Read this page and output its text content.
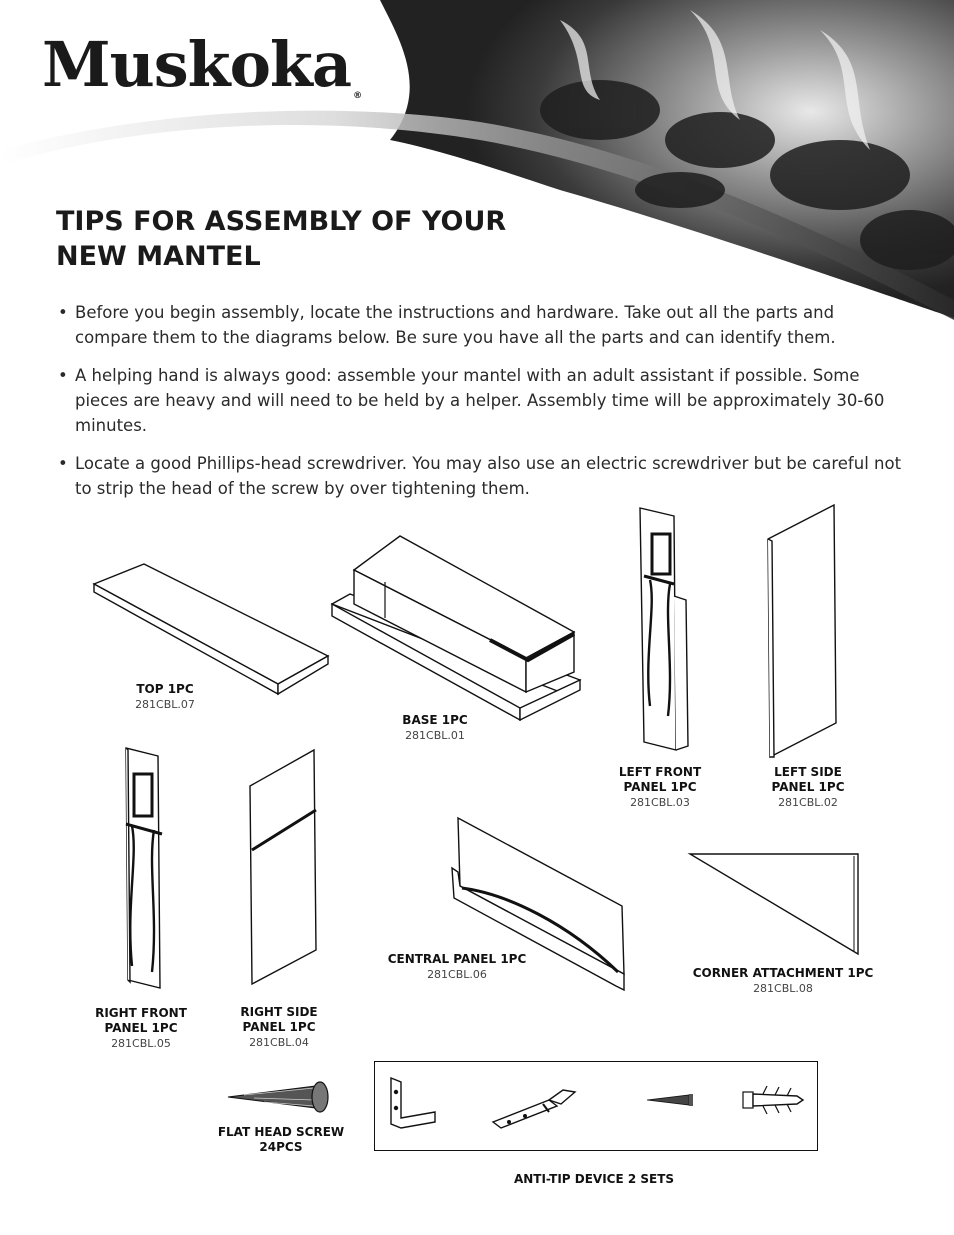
Muskoka ®
TIPS FOR ASSEMBLY OF YOUR NEW MANTEL
• Before you begin assembly, locate the instructions and hardware. Take out all the parts and compare them to the diagrams below. Be sure you have all the parts and can identify them.
• A helping hand is always good: assemble your mantel with an adult assistant if possible. Some pieces are heavy and will need to be held by a helper. Assembly time will be approximately 30-60 minutes.
• Locate a good Phillips-head screwdriver. You may also use an electric screwdriver but be careful not to strip the head of the screw by over tightening them.
TOP 1PC
281CBL.07
BASE 1PC
281CBL.01
LEFT FRONT
PANEL 1PC
281CBL.03
LEFT SIDE
PANEL 1PC
281CBL.02
RIGHT FRONT
PANEL 1PC
281CBL.05
RIGHT SIDE
PANEL 1PC
281CBL.04
CENTRAL PANEL 1PC
281CBL.06	CORNER ATTACHMENT 1PC
281CBL.08
FLAT HEAD SCREW
24PCS
ANTI-TIP DEVICE 2 SETS
